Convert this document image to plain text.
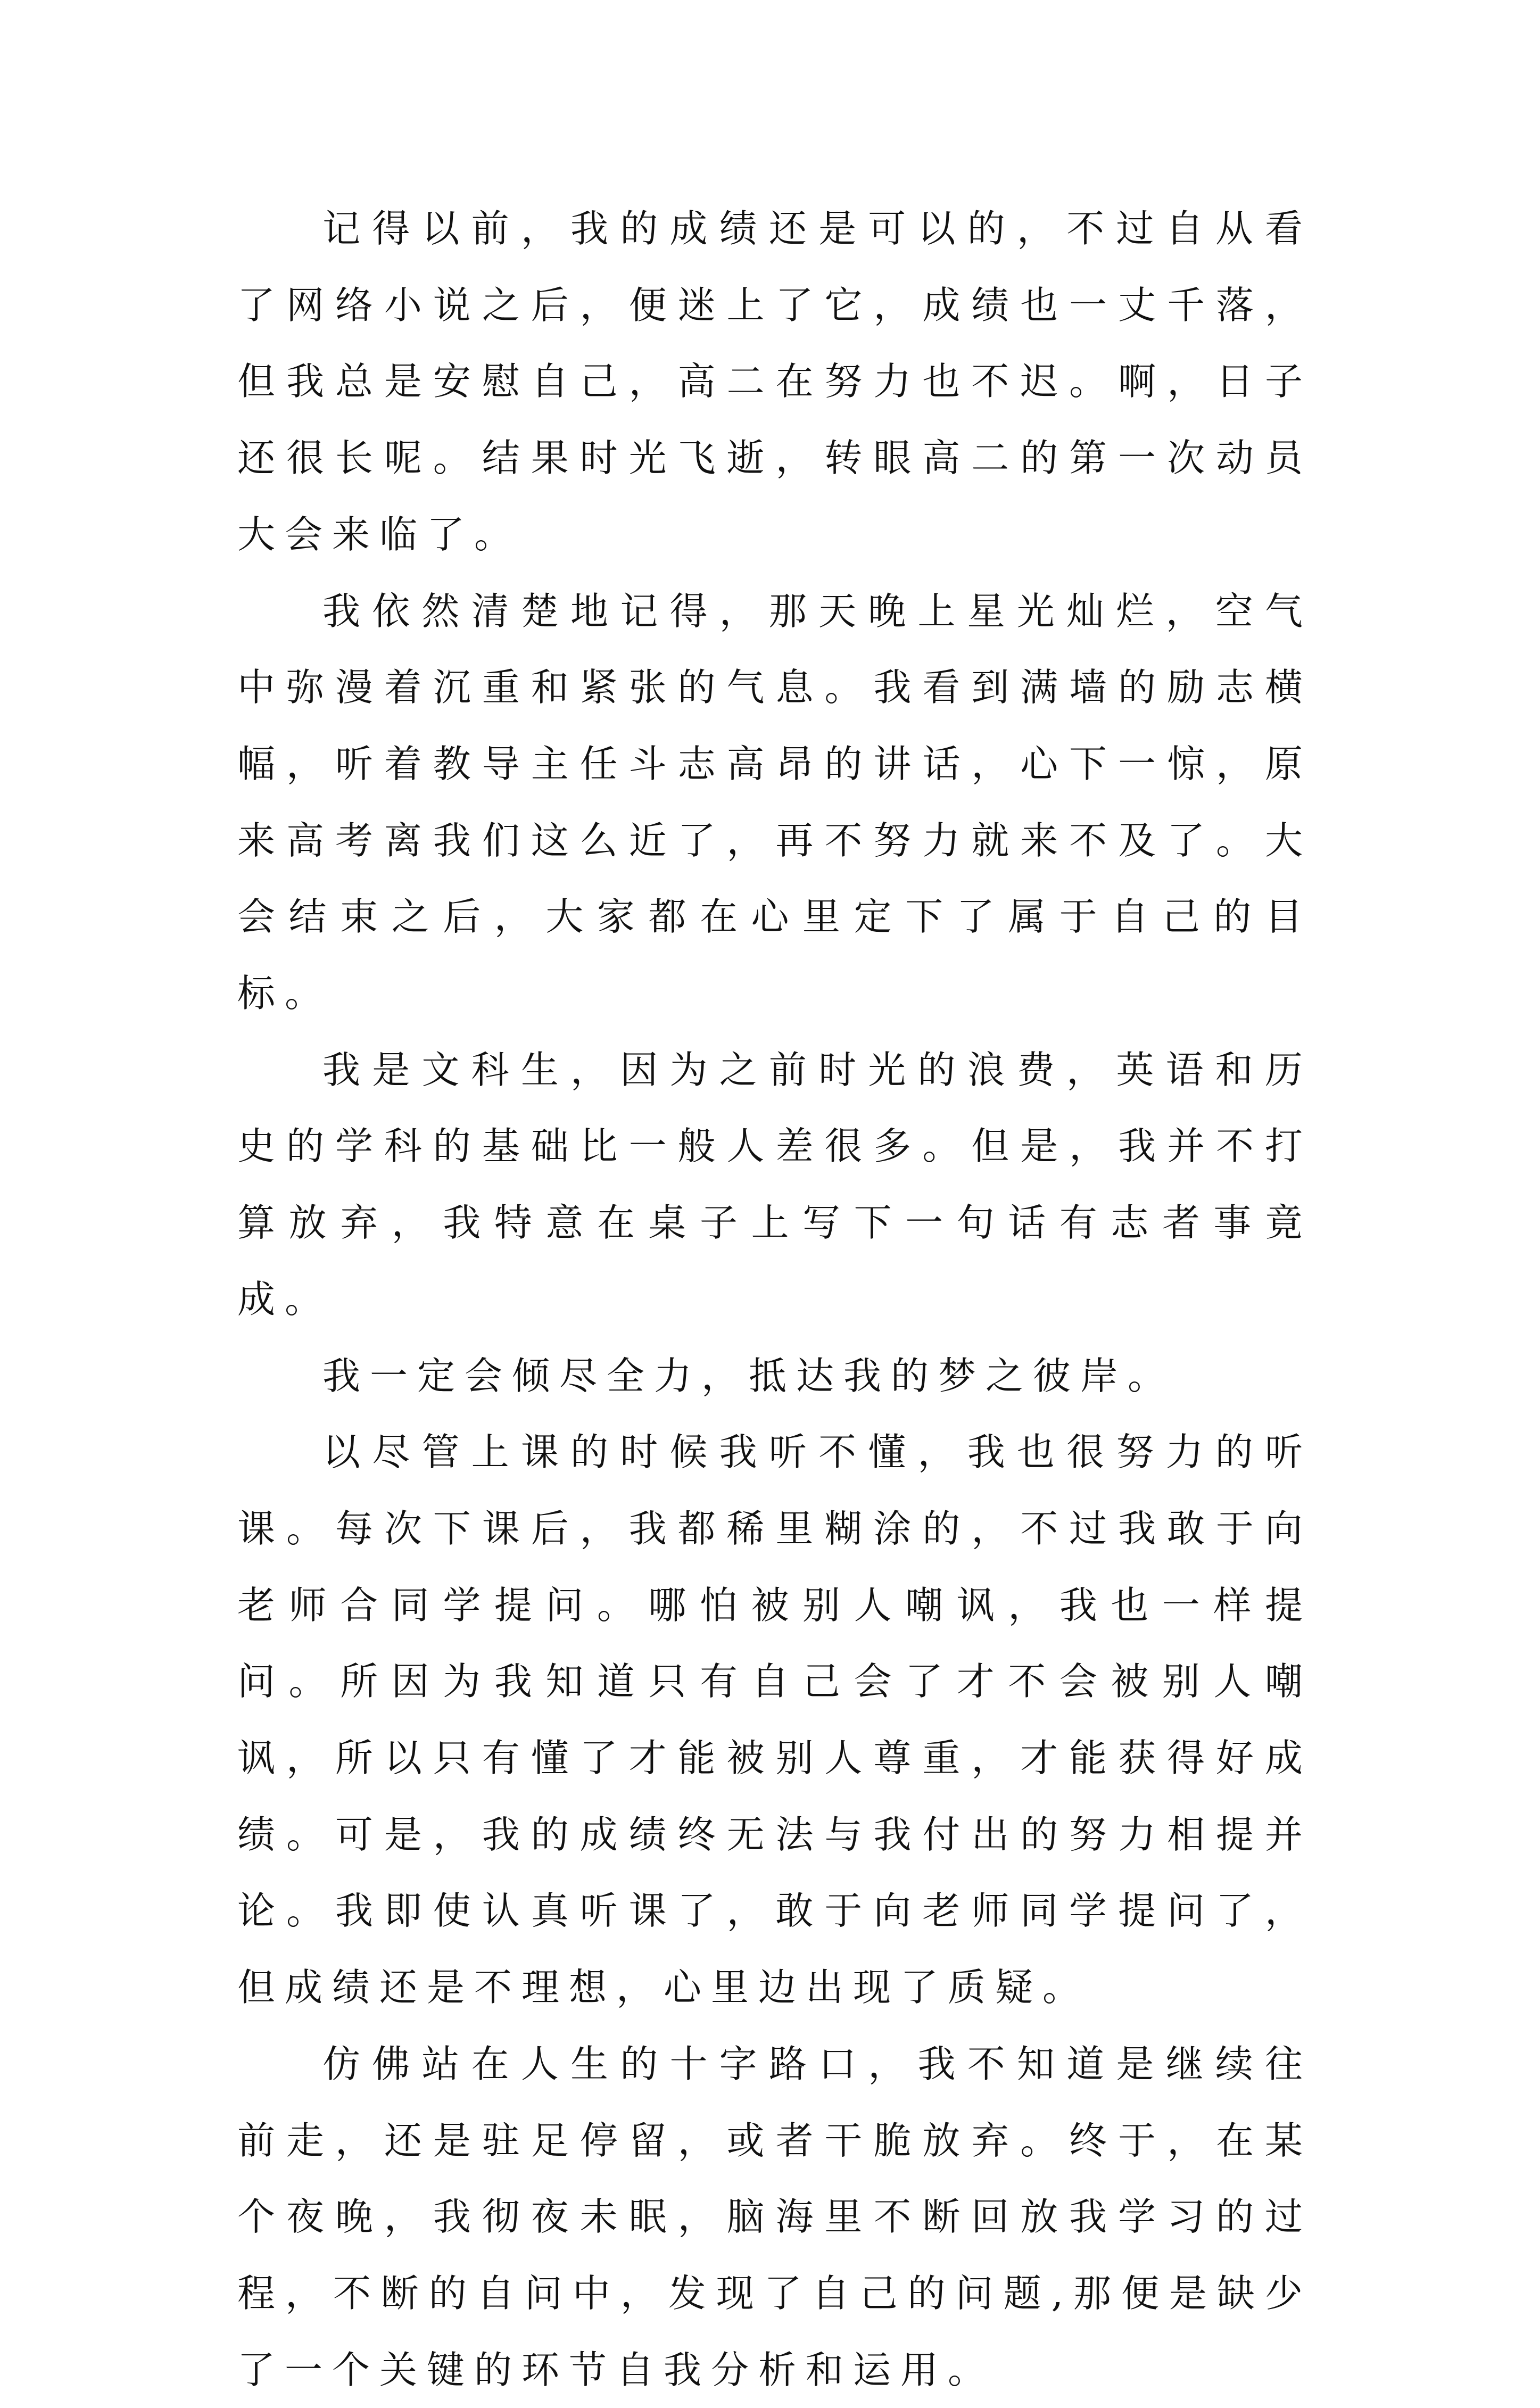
记得以前，我的成绩还是可以的，不过自从看了网络小说之后，便迷上了它，成绩也一丈千落，但我总是安慰自己，高二在努力也不迟。啊，日子还很长呢。结果时光飞逝，转眼高二的第一次动员大会来临了。

我依然清楚地记得，那天晚上星光灿烂，空气中弥漫着沉重和紧张的气息。我看到满墙的励志横幅，听着教导主任斗志高昂的讲话，心下一惊，原来高考离我们这么近了，再不努力就来不及了。大会结束之后，大家都在心里定下了属于自己的目标。

我是文科生，因为之前时光的浪费，英语和历史的学科的基础比一般人差很多。但是，我并不打算放弃，我特意在桌子上写下一句话有志者事竟成。

我一定会倾尽全力，抵达我的梦之彼岸。

以尽管上课的时候我听不懂，我也很努力的听课。每次下课后，我都稀里糊涂的，不过我敢于向老师合同学提问。哪怕被别人嘲讽，我也一样提问。所因为我知道只有自己会了才不会被别人嘲讽，所以只有懂了才能被别人尊重，才能获得好成绩。可是，我的成绩终无法与我付出的努力相提并论。我即使认真听课了，敢于向老师同学提问了，但成绩还是不理想，心里边出现了质疑。

仿佛站在人生的十字路口，我不知道是继续往前走，还是驻足停留，或者干脆放弃。终于，在某个夜晚，我彻夜未眠，脑海里不断回放我学习的过程，不断的自问中，发现了自己的问题,那便是缺少了一个关键的环节自我分析和运用。
